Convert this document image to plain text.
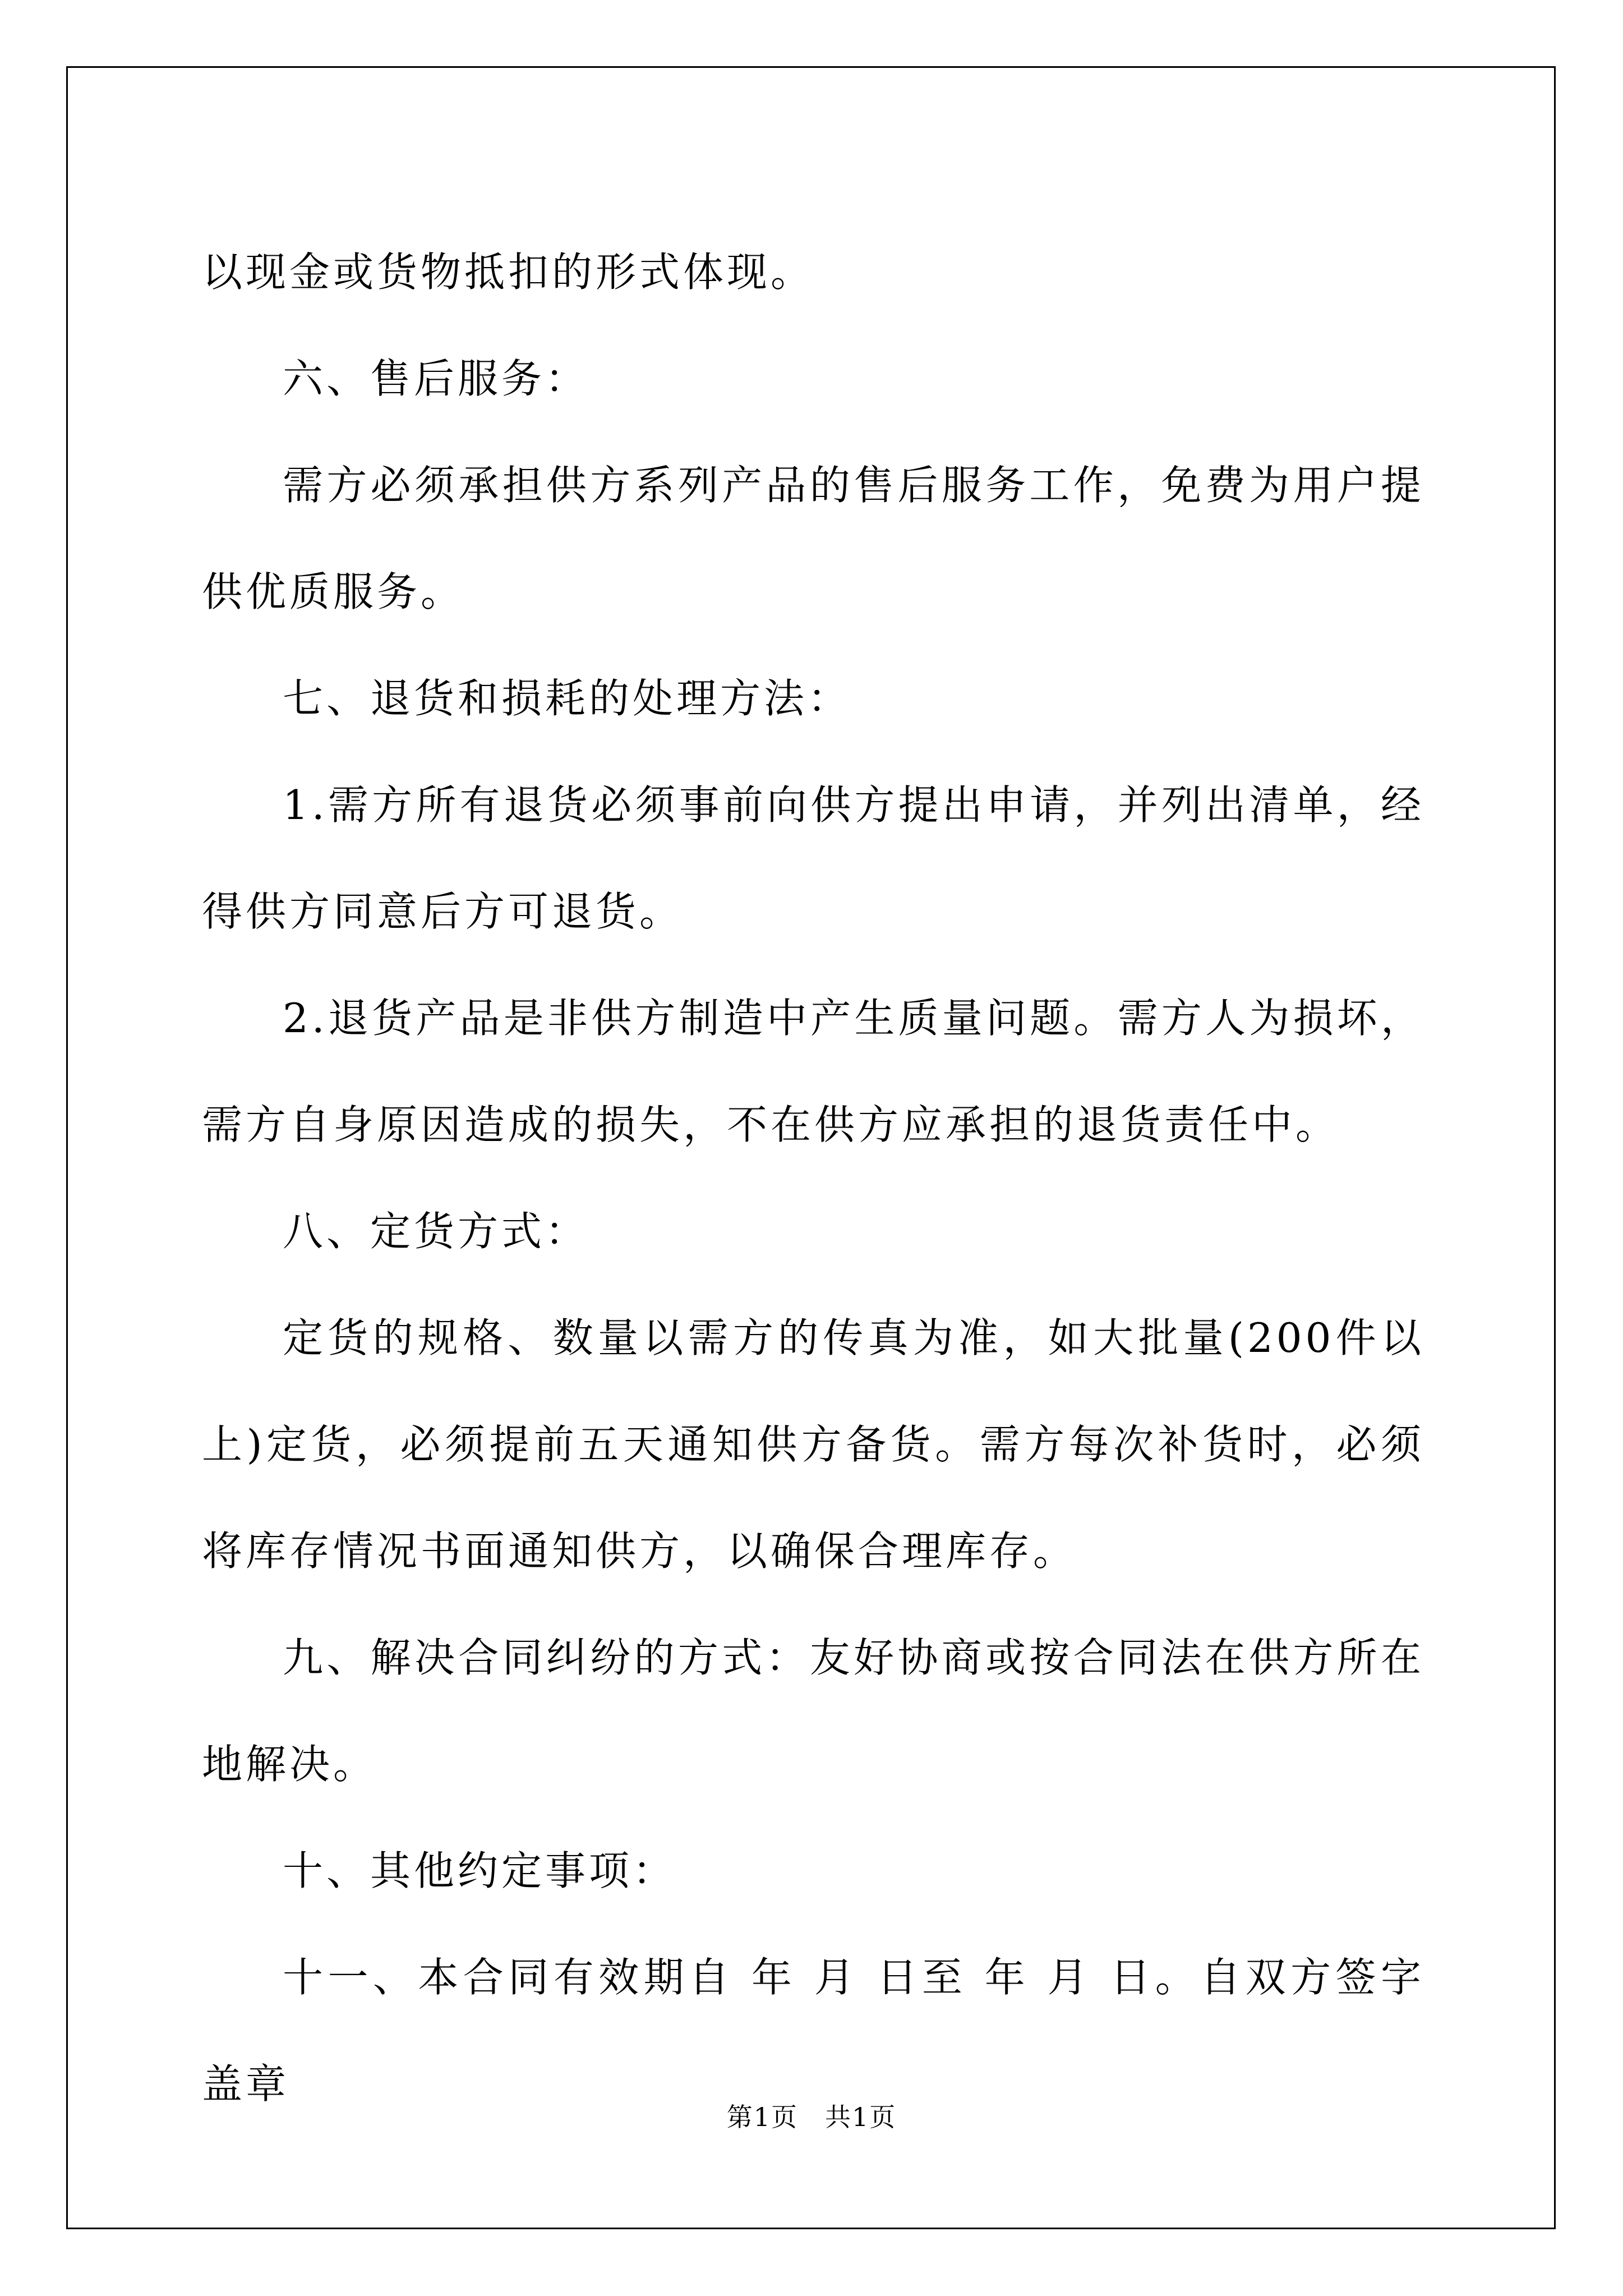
以现金或货物抵扣的形式体现。

六、售后服务：

需方必须承担供方系列产品的售后服务工作，免费为用户提供优质服务。

七、退货和损耗的处理方法：

1.需方所有退货必须事前向供方提出申请，并列出清单，经得供方同意后方可退货。

2.退货产品是非供方制造中产生质量问题。需方人为损坏，需方自身原因造成的损失，不在供方应承担的退货责任中。

八、定货方式：

定货的规格、数量以需方的传真为准，如大批量(200件以上)定货，必须提前五天通知供方备货。需方每次补货时，必须将库存情况书面通知供方，以确保合理库存。

九、解决合同纠纷的方式：友好协商或按合同法在供方所在地解决。

十、其他约定事项：

十一、本合同有效期自 年 月 日至 年 月 日。自双方签字盖章

第1页 共1页
